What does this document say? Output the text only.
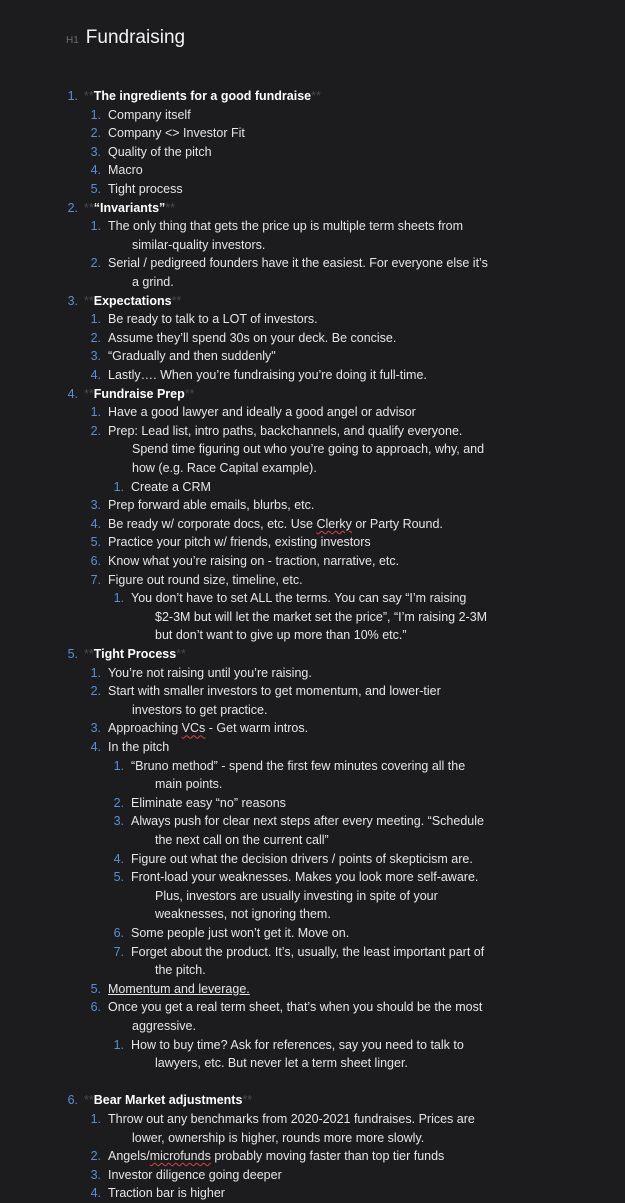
H1 Fundraising
1. **The ingredients for a good fundraise**
1. Company itself
2. Company <> Investor Fit
3. Quality of the pitch
4. Macro
5. Tight process
2. **“Invariants”**
1. The only thing that gets the price up is multiple term sheets from
similar-quality investors.
2. Serial / pedigreed founders have it the easiest. For everyone else it’s
a grind.
3. **Expectations**
1. Be ready to talk to a LOT of investors.
2. Assume they’ll spend 30s on your deck. Be concise.
3. “Gradually and then suddenly"
4. Lastly…. When you’re fundraising you’re doing it full-time.
4. **Fundraise Prep**
1. Have a good lawyer and ideally a good angel or advisor
2. Prep: Lead list, intro paths, backchannels, and qualify everyone.
Spend time figuring out who you’re going to approach, why, and
how (e.g. Race Capital example).
1. Create a CRM
3. Prep forward able emails, blurbs, etc.
4. Be ready w/ corporate docs, etc. Use Clerky or Party Round.
5. Practice your pitch w/ friends, existing investors
6. Know what you’re raising on - traction, narrative, etc.
7. Figure out round size, timeline, etc.
1. You don’t have to set ALL the terms. You can say “I’m raising
$2-3M but will let the market set the price”, “I’m raising 2-3M
but don’t want to give up more than 10% etc.”
5. **Tight Process**
1. You’re not raising until you’re raising.
2. Start with smaller investors to get momentum, and lower-tier
investors to get practice.
3. Approaching VCs - Get warm intros.
4. In the pitch
1. “Bruno method” - spend the first few minutes covering all the
main points.
2. Eliminate easy “no” reasons
3. Always push for clear next steps after every meeting. “Schedule
the next call on the current call”
4. Figure out what the decision drivers / points of skepticism are.
5. Front-load your weaknesses. Makes you look more self-aware.
Plus, investors are usually investing in spite of your
weaknesses, not ignoring them.
6. Some people just won’t get it. Move on.
7. Forget about the product. It’s, usually, the least important part of
the pitch.
5. Momentum and leverage.
6. Once you get a real term sheet, that’s when you should be the most
aggressive.
1. How to buy time? Ask for references, say you need to talk to
lawyers, etc. But never let a term sheet linger.
6. **Bear Market adjustments**
1. Throw out any benchmarks from 2020-2021 fundraises. Prices are
lower, ownership is higher, rounds more more slowly.
2. Angels/microfunds probably moving faster than top tier funds
3. Investor diligence going deeper
4. Traction bar is higher
